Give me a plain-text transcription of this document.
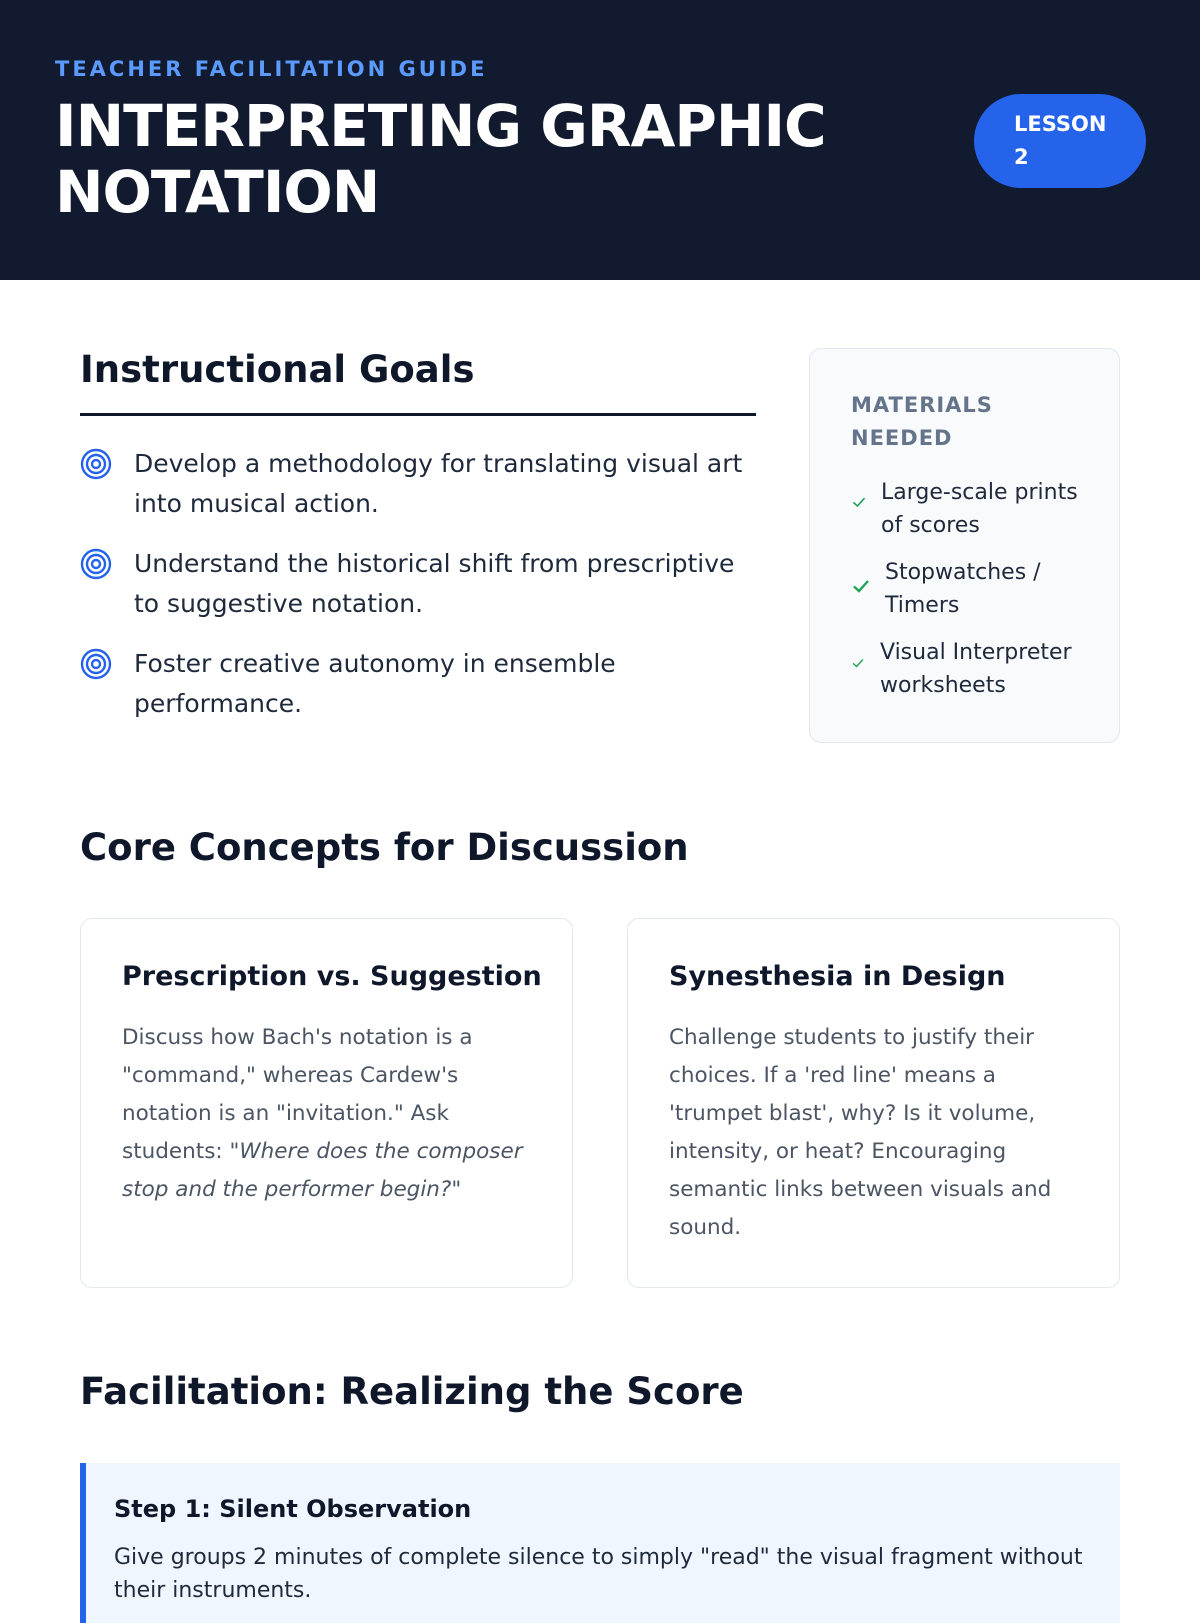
TEACHER FACILITATION GUIDE
INTERPRETING GRAPHIC NOTATION
LESSON
2
Instructional Goals
Develop a methodology for translating visual art into musical action.
Understand the historical shift from prescriptive to suggestive notation.
Foster creative autonomy in ensemble performance.
MATERIALS NEEDED
Large-scale prints of scores
Stopwatches / Timers
Visual Interpreter worksheets
Core Concepts for Discussion
Prescription vs. Suggestion

Discuss how Bach's notation is a "command," whereas Cardew's notation is an "invitation." Ask students: "Where does the composer stop and the performer begin?"

Synesthesia in Design

Challenge students to justify their choices. If a 'red line' means a 'trumpet blast', why? Is it volume, intensity, or heat? Encouraging semantic links between visuals and sound.

Facilitation: Realizing the Score
Step 1: Silent Observation

Give groups 2 minutes of complete silence to simply "read" the visual fragment without their instruments.
